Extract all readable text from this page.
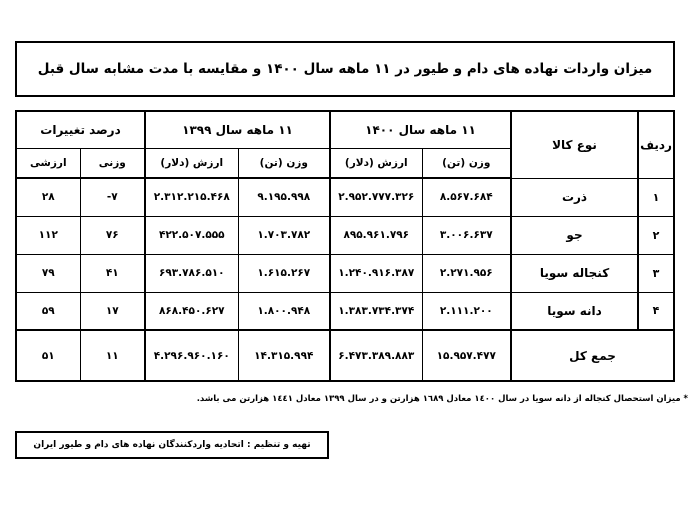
میزان واردات نهاده های دام و طیور در ۱۱ ماهه سال ۱۴۰۰ و مقایسه با مدت مشابه سال قبل
ردیف	نوع کالا	۱۱ ماهه سال ۱۴۰۰		۱۱ ماهه سال ۱۳۹۹		درصد تغییرات	
		وزن (تن)	ارزش (دلار)	وزن (تن)	ارزش (دلار)	وزنی	ارزشی
۱	ذرت	۸.۵۶۷.۶۸۴	۲.۹۵۲.۷۷۷.۳۲۶	۹.۱۹۵.۹۹۸	۲.۳۱۲.۲۱۵.۴۶۸	-۷	۲۸
۲	جو	۳.۰۰۶.۶۳۷	۸۹۵.۹۶۱.۷۹۶	۱.۷۰۳.۷۸۲	۴۲۲.۵۰۷.۵۵۵	۷۶	۱۱۲
۳	کنجاله سویا	۲.۲۷۱.۹۵۶	۱.۲۴۰.۹۱۶.۳۸۷	۱.۶۱۵.۲۶۷	۶۹۳.۷۸۶.۵۱۰	۴۱	۷۹
۴	دانه سویا	۲.۱۱۱.۲۰۰	۱.۳۸۳.۷۳۴.۳۷۴	۱.۸۰۰.۹۴۸	۸۶۸.۴۵۰.۶۲۷	۱۷	۵۹
جمع کل		۱۵.۹۵۷.۴۷۷	۶.۴۷۳.۳۸۹.۸۸۳	۱۴.۳۱۵.۹۹۴	۴.۲۹۶.۹۶۰.۱۶۰	۱۱	۵۱
* میزان استحصال کنجاله از دانه سویا در سال ١٤٠٠ معادل ١٦٨٩ هزارتن و در سال ١٣٩٩ معادل ١٤٤١ هزارتن می باشد.
تهیه و تنظیم : اتحادیه واردکنندگان نهاده های دام و طیور ایران
